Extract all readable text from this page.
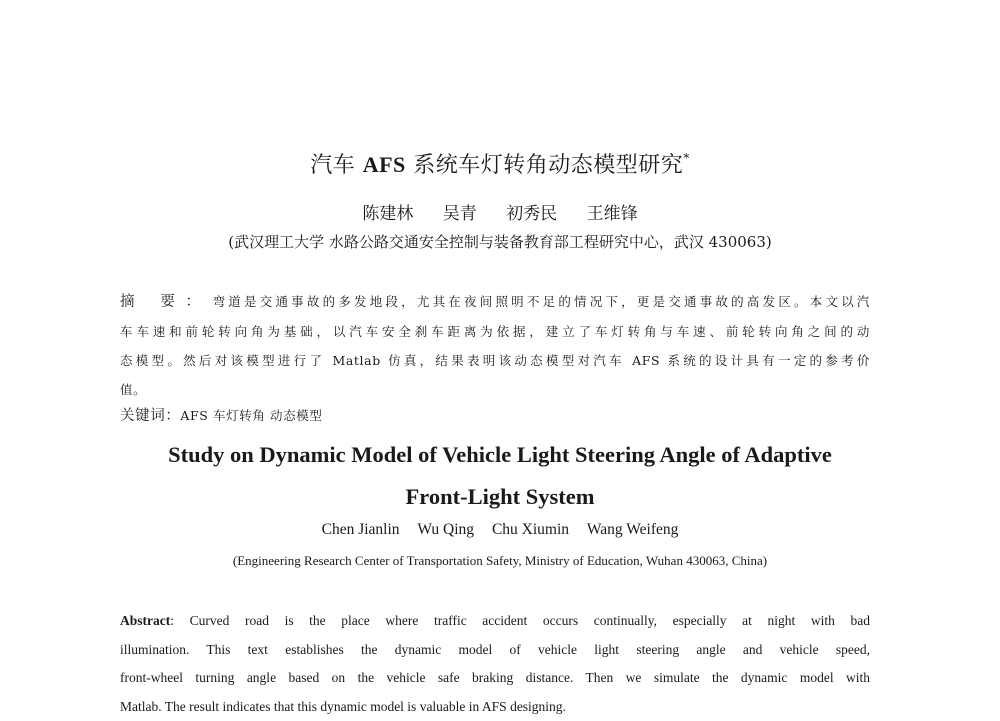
汽车 AFS 系统车灯转角动态模型研究*
陈建林 吴青 初秀民 王维锋
(武汉理工大学 水路公路交通安全控制与装备教育部工程研究中心，武汉 430063)
摘 要： 弯道是交通事故的多发地段，尤其在夜间照明不足的情况下，更是交通事故的高发区。本文以汽
车车速和前轮转向角为基础，以汽车安全刹车距离为依据，建立了车灯转角与车速、前轮转向角之间的动
态模型。然后对该模型进行了 Matlab 仿真，结果表明该动态模型对汽车 AFS 系统的设计具有一定的参考价
值。
关键词：AFS 车灯转角 动态模型
Study on Dynamic Model of Vehicle Light Steering Angle of Adaptive
Front-Light System
Chen Jianlin Wu Qing Chu Xiumin Wang Weifeng
(Engineering Research Center of Transportation Safety, Ministry of Education, Wuhan 430063, China)
Abstract: Curved road is the place where traffic accident occurs continually, especially at night with bad
illumination. This text establishes the dynamic model of vehicle light steering angle and vehicle speed,
front-wheel turning angle based on the vehicle safe braking distance. Then we simulate the dynamic model with
Matlab. The result indicates that this dynamic model is valuable in AFS designing.
